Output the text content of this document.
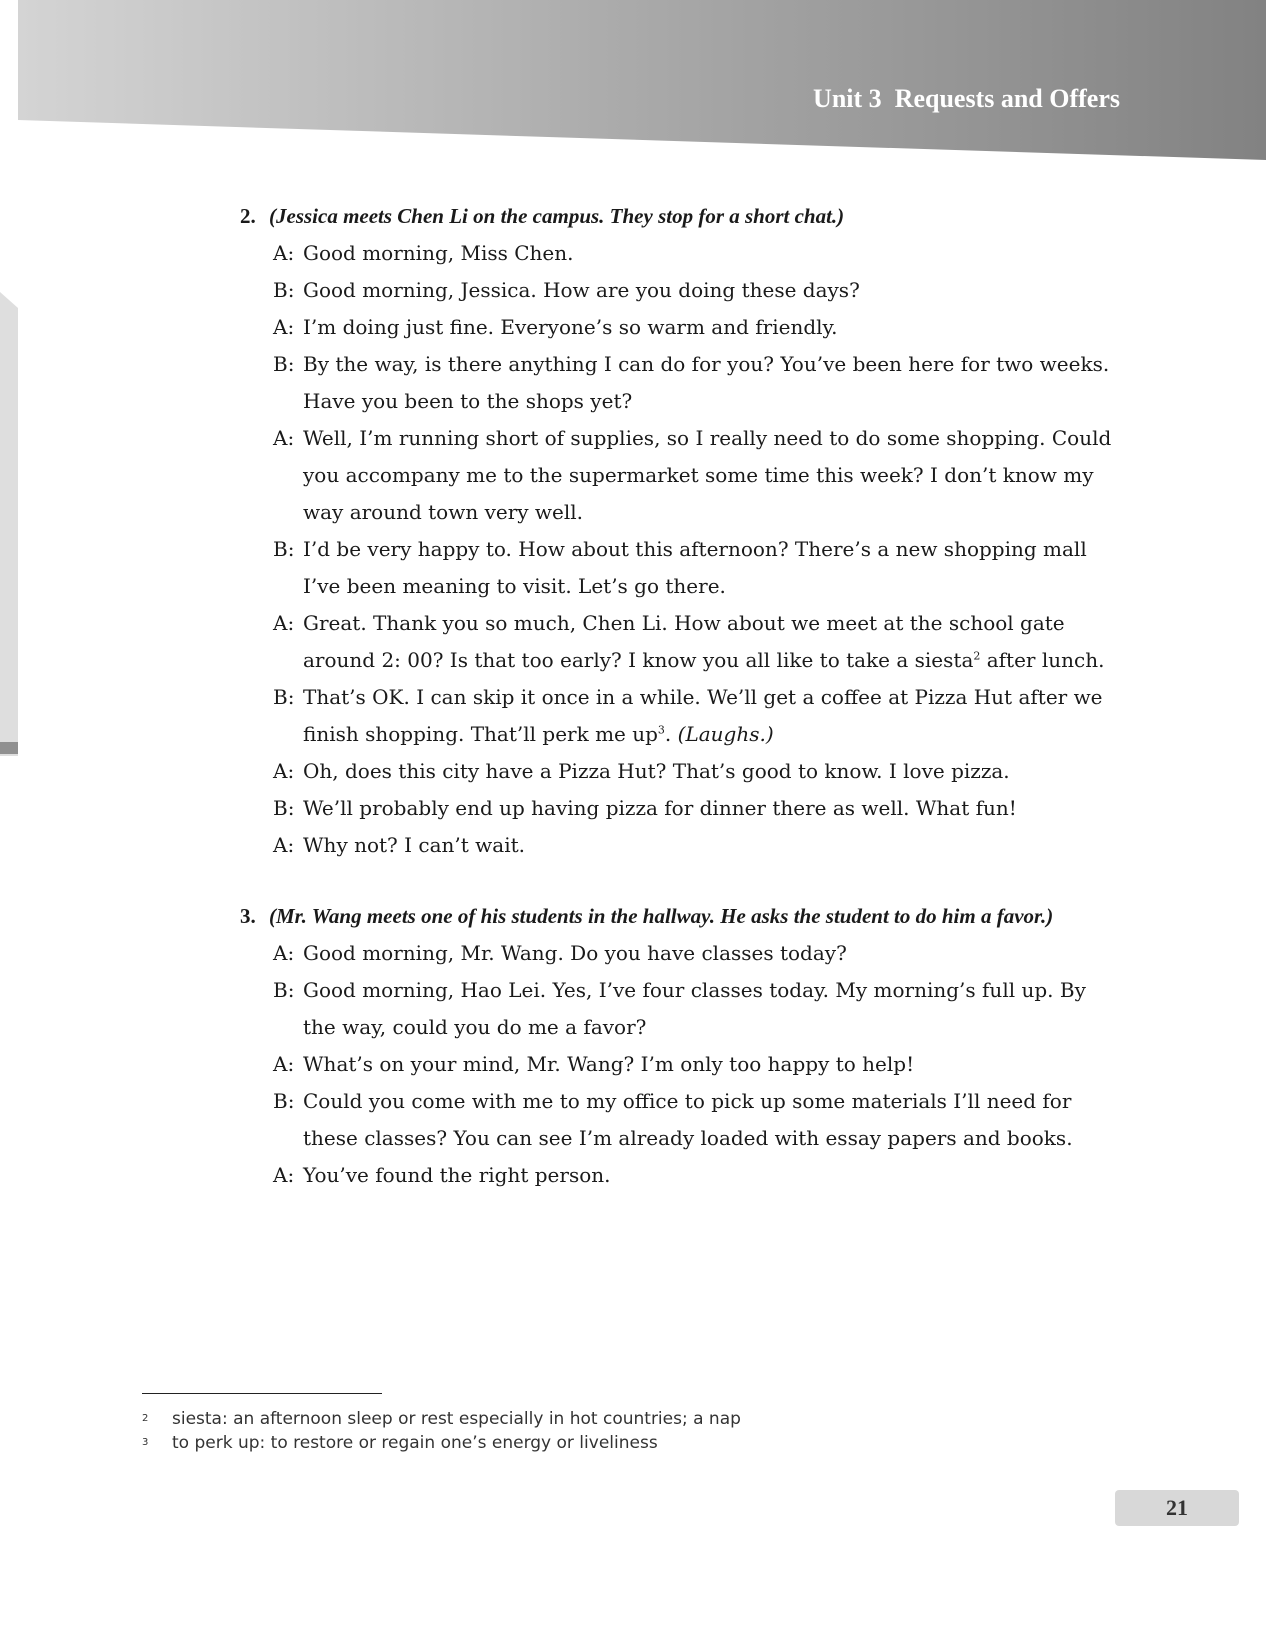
Unit 3  Requests and Offers
2. (Jessica meets Chen Li on the campus. They stop for a short chat.)
A: Good morning, Miss Chen.
B: Good morning, Jessica. How are you doing these days?
A: I’m doing just fine. Everyone’s so warm and friendly.
B: By the way, is there anything I can do for you? You’ve been here for two weeks. Have you been to the shops yet?
A: Well, I’m running short of supplies, so I really need to do some shopping. Could you accompany me to the supermarket some time this week? I don’t know my way around town very well.
B: I’d be very happy to. How about this afternoon? There’s a new shopping mall I’ve been meaning to visit. Let’s go there.
A: Great. Thank you so much, Chen Li. How about we meet at the school gate around 2: 00? Is that too early? I know you all like to take a siesta$^2$ after lunch.
B: That’s OK. I can skip it once in a while. We’ll get a coffee at Pizza Hut after we finish shopping. That’ll perk me $up^3$. (Laughs.)
A: Oh, does this city have a Pizza Hut? That’s good to know. I love pizza.
B: We’ll probably end up having pizza for dinner there as well. What fun!
A: Why not? I can’t wait.
3. (Mr. Wang meets one of his students in the hallway. He asks the student to do him a favor.)
A: Good morning, Mr. Wang. Do you have classes today?
B: Good morning, Hao Lei. Yes, I’ve four classes today. My morning’s full up. By the way, could you do me a favor?
A: What’s on your mind, Mr. Wang? I’m only too happy to help!
B: Could you come with me to my office to pick up some materials I’ll need for these classes? You can see I’m already loaded with essay papers and books.
A: You’ve found the right person.
2 siesta: an afternoon sleep or rest especially in hot countries; a nap
3 to perk up: to restore or regain one’s energy or liveliness
21
